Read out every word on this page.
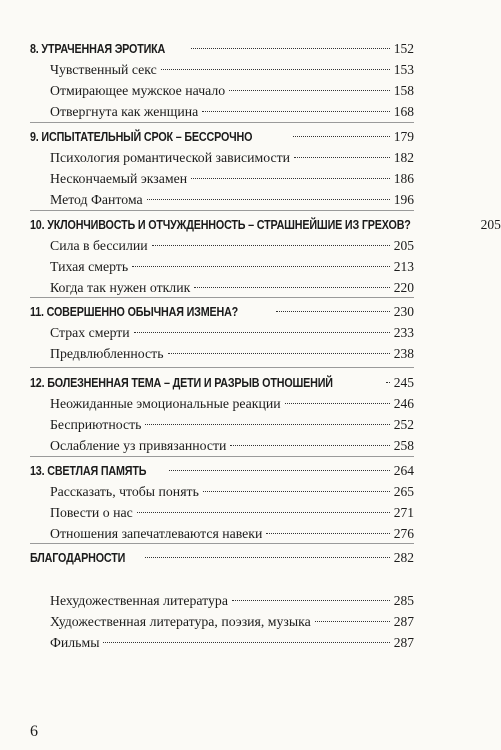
8. УТРАЧЕННАЯ ЭРОТИКА	152
Чувственный секс	153
Отмирающее мужское начало	158
Отвергнута как женщина	168
9. ИСПЫТАТЕЛЬНЫЙ СРОК – БЕССРОЧНО	179
Психология романтической зависимости	182
Нескончаемый экзамен	186
Метод Фантома	196
10. УКЛОНЧИВОСТЬ И ОТЧУЖДЕННОСТЬ – СТРАШНЕЙШИЕ ИЗ ГРЕХОВ?	205
Сила в бессилии	205
Тихая смерть	213
Когда так нужен отклик	220
11. СОВЕРШЕННО ОБЫЧНАЯ ИЗМЕНА?	230
Страх смерти	233
Предвлюбленность	238
12. БОЛЕЗНЕННАЯ ТЕМА – ДЕТИ И РАЗРЫВ ОТНОШЕНИЙ	245
Неожиданные эмоциональные реакции	246
Бесприютность	252
Ослабление уз привязанности	258
13. СВЕТЛАЯ ПАМЯТЬ	264
Рассказать, чтобы понять	265
Повести о нас	271
Отношения запечатлеваются навеки	276
БЛАГОДАРНОСТИ	282
Нехудожественная литература	285
Художественная литература, поэзия, музыка	287
Фильмы	287
6
